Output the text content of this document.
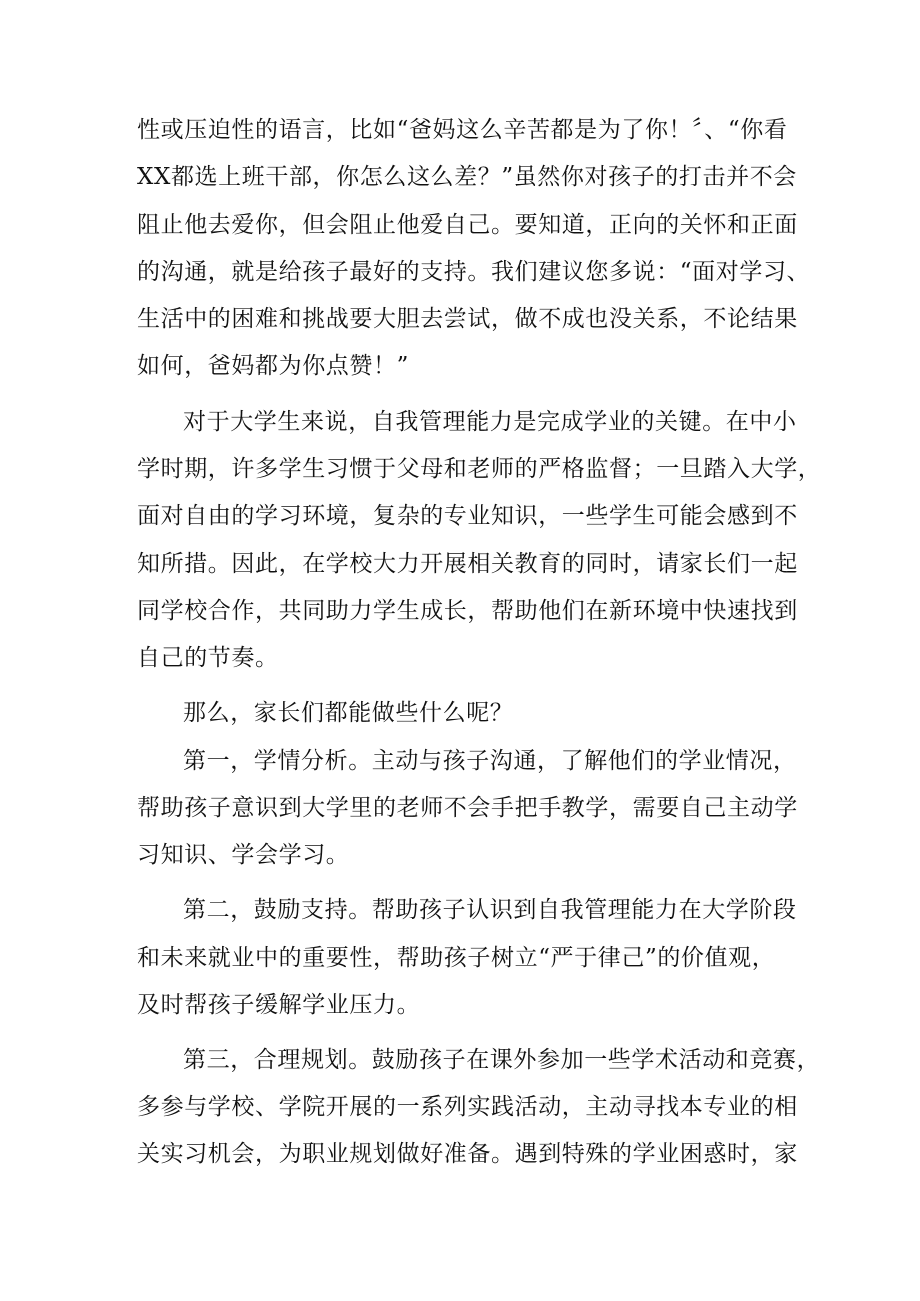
性或压迫性的语言，比如“爸妈这么辛苦都是为了你！〞、“你看
XX都选上班干部，你怎么这么差？”虽然你对孩子的打击并不会
阻止他去爱你，但会阻止他爱自己。要知道，正向的关怀和正面
的沟通，就是给孩子最好的支持。我们建议您多说：“面对学习、
生活中的困难和挑战要大胆去尝试，做不成也没关系，不论结果
如何，爸妈都为你点赞！”
对于大学生来说，自我管理能力是完成学业的关键。在中小
学时期，许多学生习惯于父母和老师的严格监督；一旦踏入大学，
面对自由的学习环境，复杂的专业知识，一些学生可能会感到不
知所措。因此，在学校大力开展相关教育的同时，请家长们一起
同学校合作，共同助力学生成长，帮助他们在新环境中快速找到
自己的节奏。
那么，家长们都能做些什么呢？
第一，学情分析。主动与孩子沟通，了解他们的学业情况，
帮助孩子意识到大学里的老师不会手把手教学，需要自己主动学
习知识、学会学习。
第二，鼓励支持。帮助孩子认识到自我管理能力在大学阶段
和未来就业中的重要性，帮助孩子树立“严于律己”的价值观，
及时帮孩子缓解学业压力。
第三，合理规划。鼓励孩子在课外参加一些学术活动和竞赛，
多参与学校、学院开展的一系列实践活动，主动寻找本专业的相
关实习机会，为职业规划做好准备。遇到特殊的学业困惑时，家
